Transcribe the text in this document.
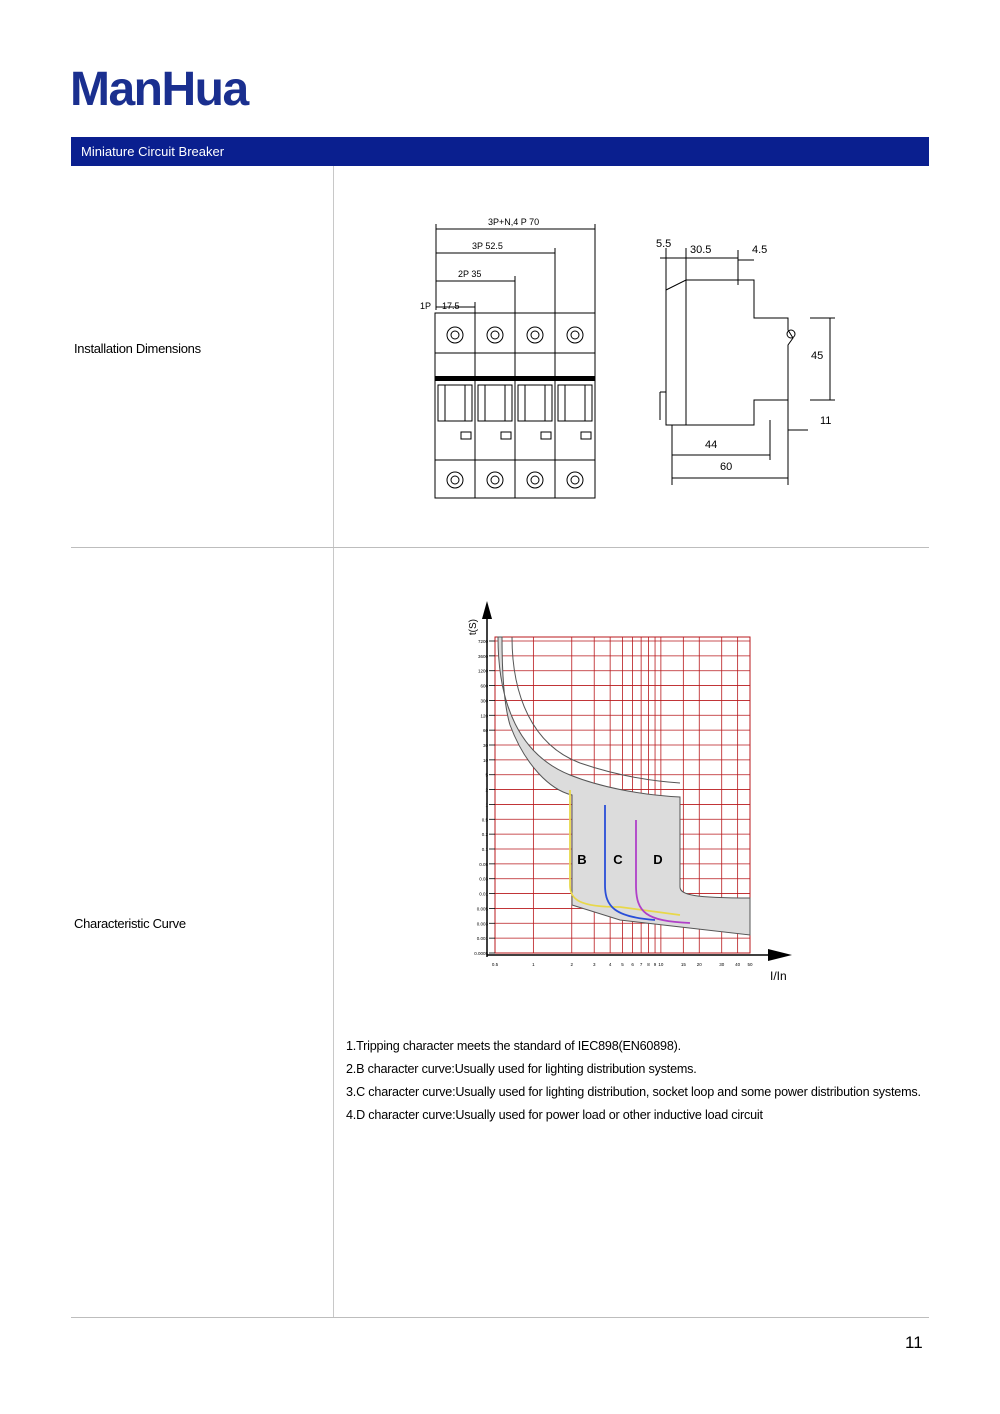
ManHua
Miniature Circuit Breaker
Installation Dimensions
Characteristic Curve
3P+N,4 P 70
3P 52.5
2P 35
1P 17.5
5.5 30.5	4.5
45
11
44
60
t(S)
I/In
7200
3600
1200
600
300
120
60
30
10
5
2
1
0.5
0.2
0.1
0.05
0.03
0.01
0.005
0.003
0.001
0.0005
0.5	1	2	3	4 5 6 7 8 9 10	15 20	30 40 50
B C D
1.Tripping character meets the standard of IEC898(EN60898).
2.B character curve:Usually used for lighting distribution systems.
3.C character curve:Usually used for lighting distribution, socket loop and some power distribution systems.
4.D character curve:Usually used for power load or other inductive load circuit
11
